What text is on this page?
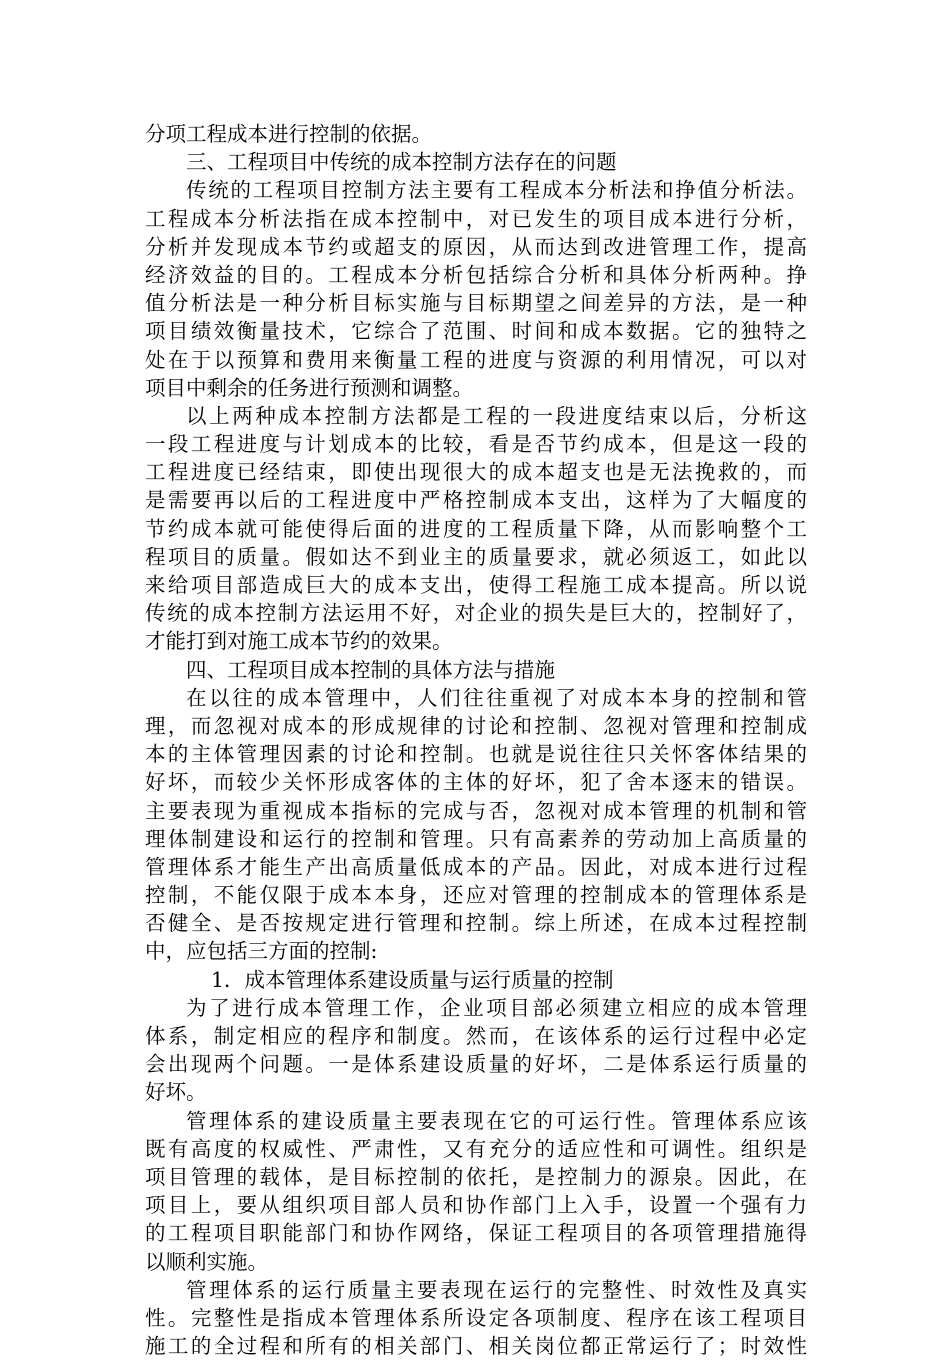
分项工程成本进行控制的依据。
三、工程项目中传统的成本控制方法存在的问题
传统的工程项目控制方法主要有工程成本分析法和挣值分析法。
工程成本分析法指在成本控制中，对已发生的项目成本进行分析，
分析并发现成本节约或超支的原因，从而达到改进管理工作，提高
经济效益的目的。工程成本分析包括综合分析和具体分析两种。挣
值分析法是一种分析目标实施与目标期望之间差异的方法，是一种
项目绩效衡量技术，它综合了范围、时间和成本数据。它的独特之
处在于以预算和费用来衡量工程的进度与资源的利用情况，可以对
项目中剩余的任务进行预测和调整。
以上两种成本控制方法都是工程的一段进度结束以后，分析这
一段工程进度与计划成本的比较，看是否节约成本，但是这一段的
工程进度已经结束，即使出现很大的成本超支也是无法挽救的，而
是需要再以后的工程进度中严格控制成本支出，这样为了大幅度的
节约成本就可能使得后面的进度的工程质量下降，从而影响整个工
程项目的质量。假如达不到业主的质量要求，就必须返工，如此以
来给项目部造成巨大的成本支出，使得工程施工成本提高。所以说
传统的成本控制方法运用不好，对企业的损失是巨大的，控制好了，
才能打到对施工成本节约的效果。
四、工程项目成本控制的具体方法与措施
在以往的成本管理中，人们往往重视了对成本本身的控制和管
理，而忽视对成本的形成规律的讨论和控制、忽视对管理和控制成
本的主体管理因素的讨论和控制。也就是说往往只关怀客体结果的
好坏，而较少关怀形成客体的主体的好坏，犯了舍本逐末的错误。
主要表现为重视成本指标的完成与否，忽视对成本管理的机制和管
理体制建设和运行的控制和管理。只有高素养的劳动加上高质量的
管理体系才能生产出高质量低成本的产品。因此，对成本进行过程
控制，不能仅限于成本本身，还应对管理的控制成本的管理体系是
否健全、是否按规定进行管理和控制。综上所述，在成本过程控制
中，应包括三方面的控制:
1．成本管理体系建设质量与运行质量的控制
为了进行成本管理工作，企业项目部必须建立相应的成本管理
体系，制定相应的程序和制度。然而，在该体系的运行过程中必定
会出现两个问题。一是体系建设质量的好坏，二是体系运行质量的
好坏。
管理体系的建设质量主要表现在它的可运行性。管理体系应该
既有高度的权威性、严肃性，又有充分的适应性和可调性。组织是
项目管理的载体，是目标控制的依托，是控制力的源泉。因此，在
项目上，要从组织项目部人员和协作部门上入手，设置一个强有力
的工程项目职能部门和协作网络，保证工程项目的各项管理措施得
以顺利实施。
管理体系的运行质量主要表现在运行的完整性、时效性及真实
性。完整性是指成本管理体系所设定各项制度、程序在该工程项目
施工的全过程和所有的相关部门、相关岗位都正常运行了；时效性
